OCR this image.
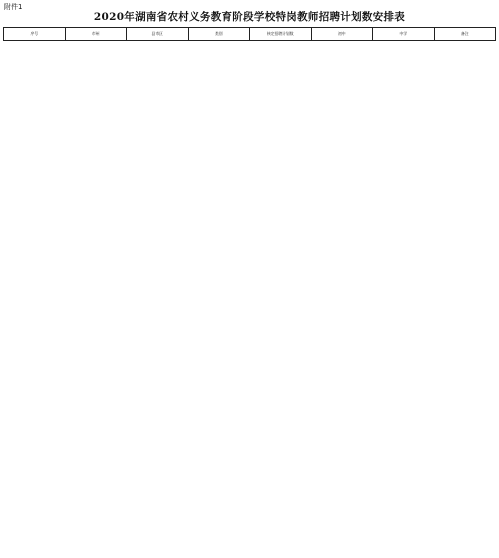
附件1
2020年湖南省农村义务教育阶段学校特岗教师招聘计划数安排表
序号	市州	县市区	类别	核定招聘计划数	初中	中学	备注
